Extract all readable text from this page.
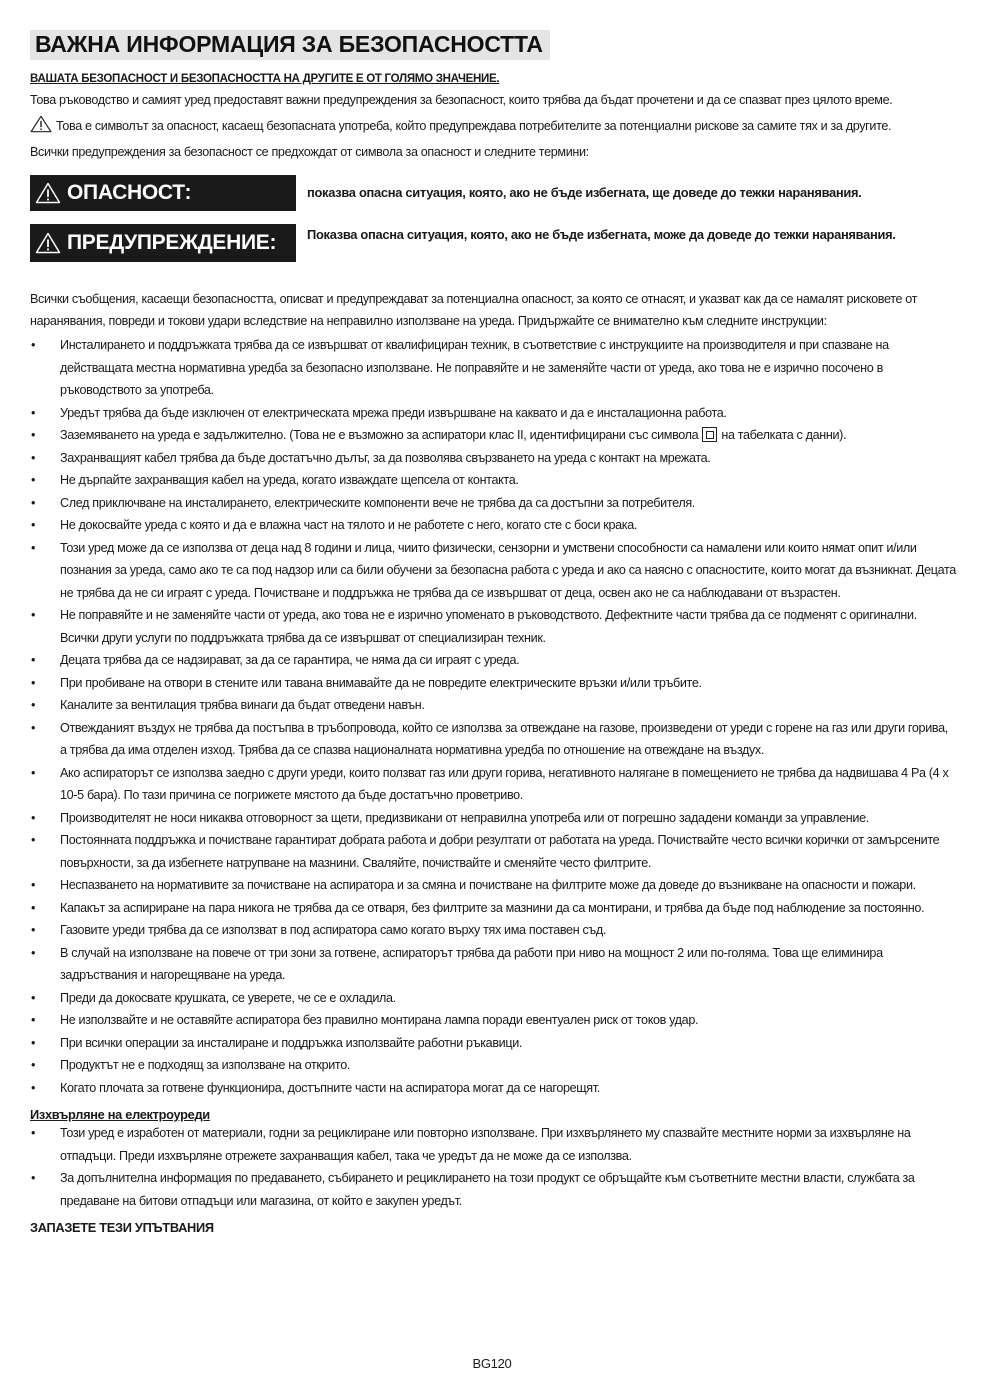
ВАЖНА ИНФОРМАЦИЯ ЗА БЕЗОПАСНОСТТА
ВАШАТА БЕЗОПАСНОСТ И БЕЗОПАСНОСТТА НА ДРУГИТЕ Е ОТ ГОЛЯМО ЗНАЧЕНИЕ.

Това ръководство и самият уред предоставят важни предупреждения за безопасност, които трябва да бъдат прочетени и да се спазват през цялото време.

Това е символът за опасност, касаещ безопасната употреба, който предупреждава потребителите за потенциални рискове за самите тях и за другите.

Всички предупреждения за безопасност се предхождат от символа за опасност и следните термини:

ОПАСНОСТ:	показва опасна ситуация, която, ако не бъде избегната, ще доведе до тежки наранявания.
ПРЕДУПРЕЖДЕНИЕ: Показва опасна ситуация, която, ако не бъде избегната, може да доведе до тежки наранявания.

Всички съобщения, касаещи безопасността, описват и предупреждават за потенциална опасност, за която се отнасят, и указват как да се намалят рисковете от наранявания, повреди и токови удари вследствие на неправилно използване на уреда. Придържайте се внимателно към следните инструкции:

• Инсталирането и поддръжката трябва да се извършват от квалифициран техник, в съответствие с инструкциите на производителя и при спазване на действащата местна нормативна уредба за безопасно използване. Не поправяйте и не заменяйте части от уреда, ако това не е изрично посочено в ръководството за употреба.
• Уредът трябва да бъде изключен от електрическата мрежа преди извършване на каквато и да е инсталационна работа.
• Заземяването на уреда е задължително. (Това не е възможно за аспиратори клас II, идентифицирани със символа на табелката с данни).
• Захранващият кабел трябва да бъде достатъчно дълъг, за да позволява свързването на уреда с контакт на мрежата.
• Не дърпайте захранващия кабел на уреда, когато изваждате щепсела от контакта.
• След приключване на инсталирането, електрическите компоненти вече не трябва да са достъпни за потребителя.
• Не докосвайте уреда с която и да е влажна част на тялото и не работете с него, когато сте с боси крака.
• Този уред може да се използва от деца над 8 години и лица, чиито физически, сензорни и умствени способности са намалени или които нямат опит и/или познания за уреда, само ако те са под надзор или са били обучени за безопасна работа с уреда и ако са наясно с опасностите, които могат да възникнат. Децата не трябва да не си играят с уреда. Почистване и поддръжка не трябва да се извършват от деца, освен ако не са наблюдавани от възрастен.
• Не поправяйте и не заменяйте части от уреда, ако това не е изрично упоменато в ръководството. Дефектните части трябва да се подменят с оригинални. Всички други услуги по поддръжката трябва да се извършват от специализиран техник.
• Децата трябва да се надзирават, за да се гарантира, че няма да си играят с уреда.
• При пробиване на отвори в стените или тавана внимавайте да не повредите електрическите връзки и/или тръбите.
• Каналите за вентилация трябва винаги да бъдат отведени навън.
• Отвежданият въздух не трябва да постъпва в тръбопровода, който се използва за отвеждане на газове, произведени от уреди с горене на газ или други горива, а трябва да има отделен изход. Трябва да се спазва националната нормативна уредба по отношение на отвеждане на въздух.
• Ако аспираторът се използва заедно с други уреди, които ползват газ или други горива, негативното налягане в помещението не трябва да надвишава 4 Pa (4 x 10-5 бара). По тази причина се погрижете мястото да бъде достатъчно проветриво.
• Производителят не носи никаква отговорност за щети, предизвикани от неправилна употреба или от погрешно зададени команди за управление.
• Постоянната поддръжка и почистване гарантират добрата работа и добри резултати от работата на уреда. Почиствайте често всички корички от замърсените повърхности, за да избегнете натрупване на мазнини. Сваляйте, почиствайте и сменяйте често филтрите.
• Неспазването на нормативите за почистване на аспиратора и за смяна и почистване на филтрите може да доведе до възникване на опасности и пожари.
• Капакът за аспириране на пара никога не трябва да се отваря, без филтрите за мазнини да са монтирани, и трябва да бъде под наблюдение за постоянно.
• Газовите уреди трябва да се използват в под аспиратора само когато върху тях има поставен съд.
• В случай на използване на повече от три зони за готвене, аспираторът трябва да работи при ниво на мощност 2 или по-голяма. Това ще елиминира задръствания и нагорещяване на уреда.
• Преди да докосвате крушката, се уверете, че се е охладила.
• Не използвайте и не оставяйте аспиратора без правилно монтирана лампа поради евентуален риск от токов удар.
• При всички операции за инсталиране и поддръжка използвайте работни ръкавици.
• Продуктът не е подходящ за използване на открито.
• Когато плочата за готвене функционира, достъпните части на аспиратора могат да се нагорещят.
Изхвърляне на електроуреди
• Този уред е изработен от материали, годни за рециклиране или повторно използване. При изхвърлянето му спазвайте местните норми за изхвърляне на отпадъци. Преди изхвърляне отрежете захранващия кабел, така че уредът да не може да се използва.
• За допълнителна информация по предаването, събирането и рециклирането на този продукт се обръщайте към съответните местни власти, службата за предаване на битови отпадъци или магазина, от който е закупен уредът.
ЗАПАЗЕТЕ ТЕЗИ УПЪТВАНИЯ
BG120
